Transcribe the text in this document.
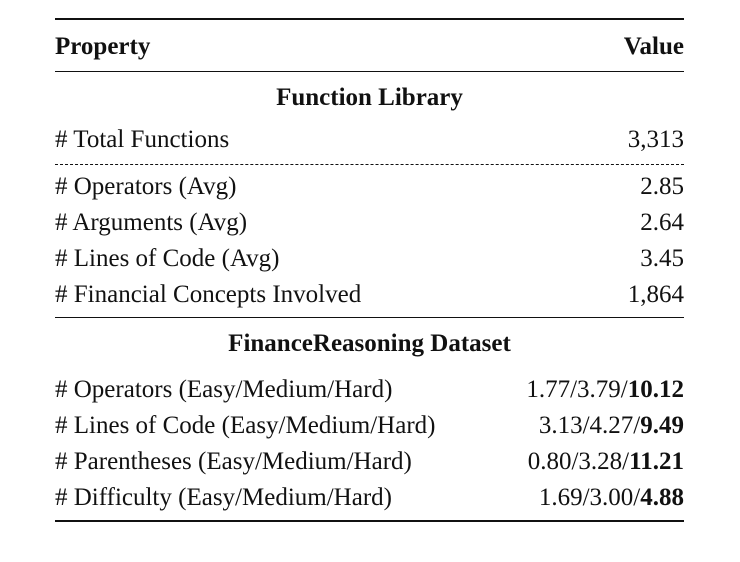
Property	Value
Function Library
# Total Functions	3,313
# Operators (Avg)	2.85
# Arguments (Avg)	2.64
# Lines of Code (Avg)	3.45
# Financial Concepts Involved	1,864
FinanceReasoning Dataset
# Operators (Easy/Medium/Hard)	1.77/3.79/10.12
# Lines of Code (Easy/Medium/Hard)	3.13/4.27/9.49
# Parentheses (Easy/Medium/Hard)	0.80/3.28/11.21
# Difficulty (Easy/Medium/Hard)	1.69/3.00/4.88
